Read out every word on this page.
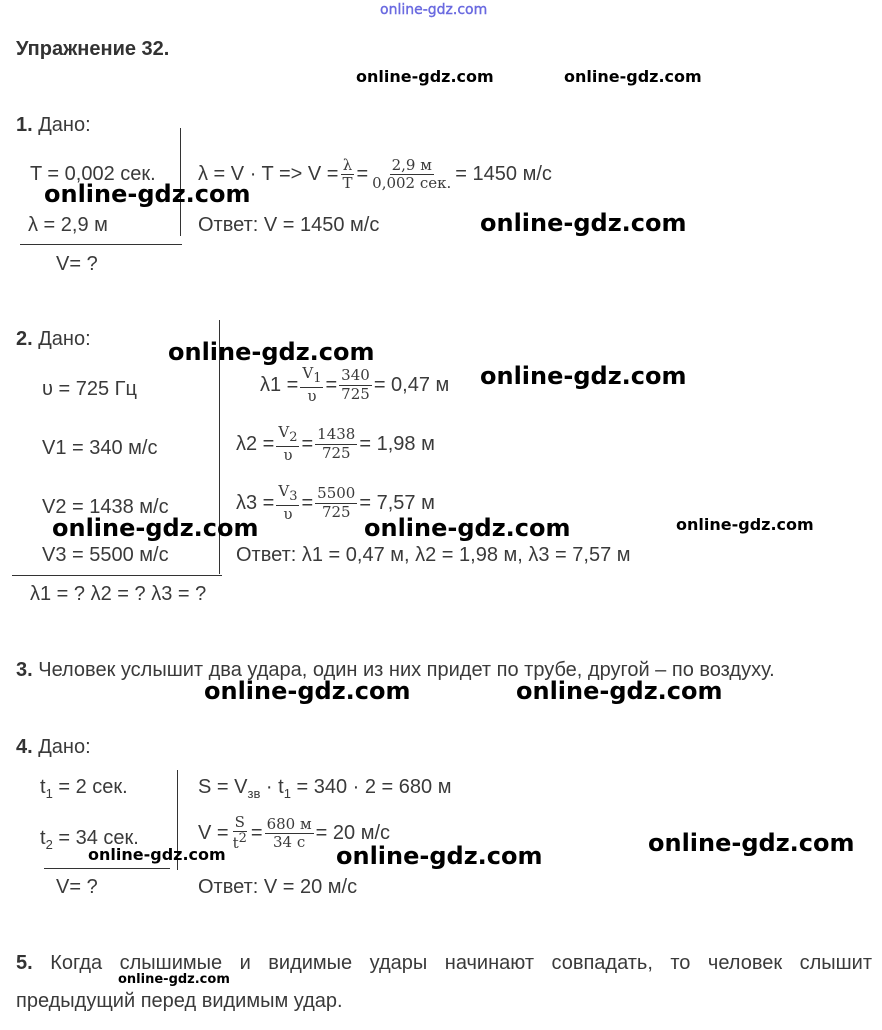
online-gdz.com
Упражнение 32.
online-gdz.com	online-gdz.com
1. Дано:
T = 0,002 сек.
λ = 2,9 м
V= ?
$\lambda = V \cdot T => V = \frac{\lambda}{T} = \frac{2,9 м}{\text{0,002 сек.}} = 1450$ м/с
Ответ: V = 1450 м/с
online-gdz.com
online-gdz.com
2. Дано:
υ = 725 Гц
V1 = 340 м/с
V2 = 1438 м/с
V3 = 5500 м/с
λ1 = ? λ2 = ? λ3 = ?
$\lambda 1 = \frac{V_1}{\upsilon} = \frac{340}{725} = 0,47$ м
$\lambda 2 = \frac{V_2}{\upsilon} = \frac{1438}{725} = 1,98$ м
$\lambda 3 = \frac{V_3}{\upsilon} = \frac{5500}{725} = 7,57$ м
Ответ: λ1 = 0,47 м, λ2 = 1,98 м, λ3 = 7,57 м
online-gdz.com
online-gdz.com
online-gdz.com	online-gdz.com	online-gdz.com
3. Человек услышит два удара, один из них придет по трубе, другой – по воздуху.
online-gdz.com	online-gdz.com
4. Дано:
$t_1 = 2$ сек.
$t_2 = 34$ сек.
V= ?
$S = V_{зв} \cdot t_1 = 340 \cdot 2 = 680$ м
$V = \frac{S}{t^2} = \frac{680 м}{34 с} = 20$ м/с
Ответ: V = 20 м/с
online-gdz.com	online-gdz.com	online-gdz.com
5. Когда слышимые и видимые удары начинают совпадать, то человек слышит предыдущий перед видимым удар.
online-gdz.com
